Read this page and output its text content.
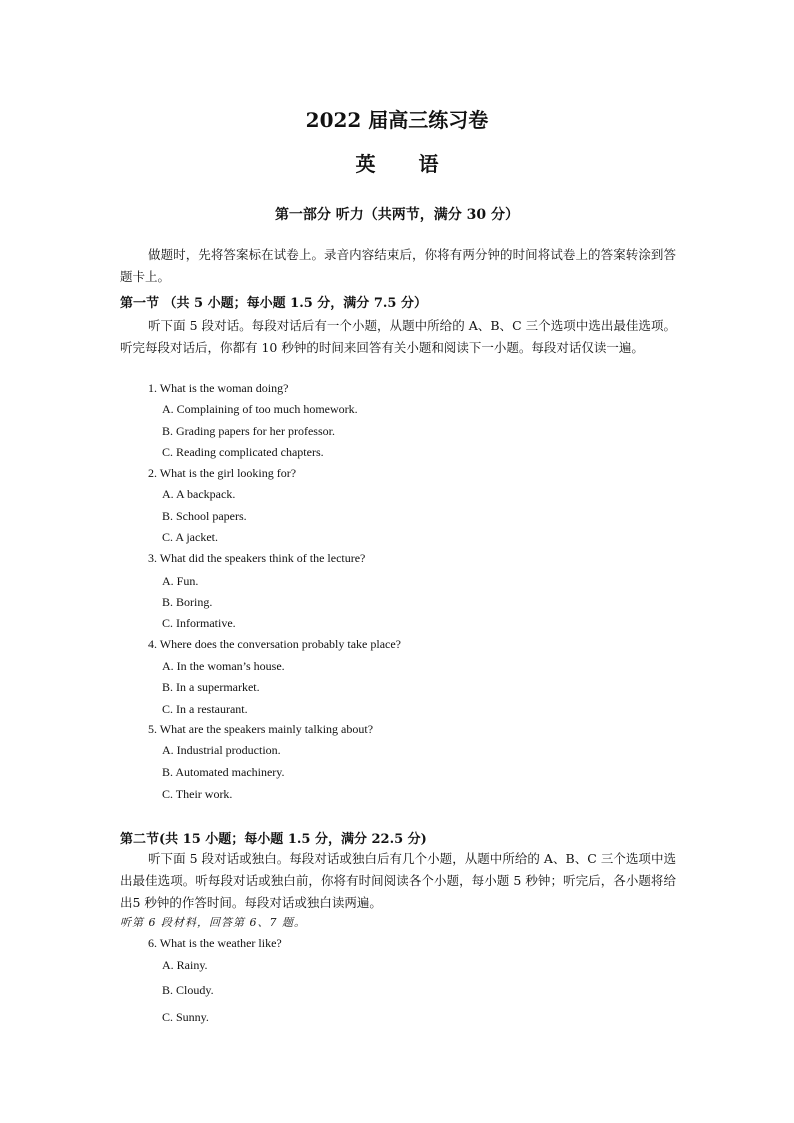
2022 届高三练习卷
英 语
第一部分 听力（共两节，满分 30 分）
做题时，先将答案标在试卷上。录音内容结束后，你将有两分钟的时间将试卷上的答案转涂到答题卡上。
第一节 （共 5 小题；每小题 1.5 分，满分 7.5 分）
听下面 5 段对话。每段对话后有一个小题，从题中所给的 A、B、C 三个选项中选出最佳选项。听完每段对话后，你都有 10 秒钟的时间来回答有关小题和阅读下一小题。每段对话仅读一遍。
1. What is the woman doing?
A. Complaining of too much homework.
B. Grading papers for her professor.
C. Reading complicated chapters.
2. What is the girl looking for?
A. A backpack.
B. School papers.
C. A jacket.
3. What did the speakers think of the lecture?
A. Fun.
B. Boring.
C. Informative.
4. Where does the conversation probably take place?
A. In the woman’s house.
B. In a supermarket.
C. In a restaurant.
5. What are the speakers mainly talking about?
A. Industrial production.
B. Automated machinery.
C. Their work.
第二节(共 15 小题；每小题 1.5 分，满分 22.5 分)
听下面 5 段对话或独白。每段对话或独白后有几个小题，从题中所给的 A、B、C 三个选项中选出最佳选项。听每段对话或独白前，你将有时间阅读各个小题，每小题 5 秒钟；听完后，各小题将给出5 秒钟的作答时间。每段对话或独白读两遍。
听第 6 段材料，回答第 6、7 题。
6. What is the weather like?
A. Rainy.
B. Cloudy.
C. Sunny.
